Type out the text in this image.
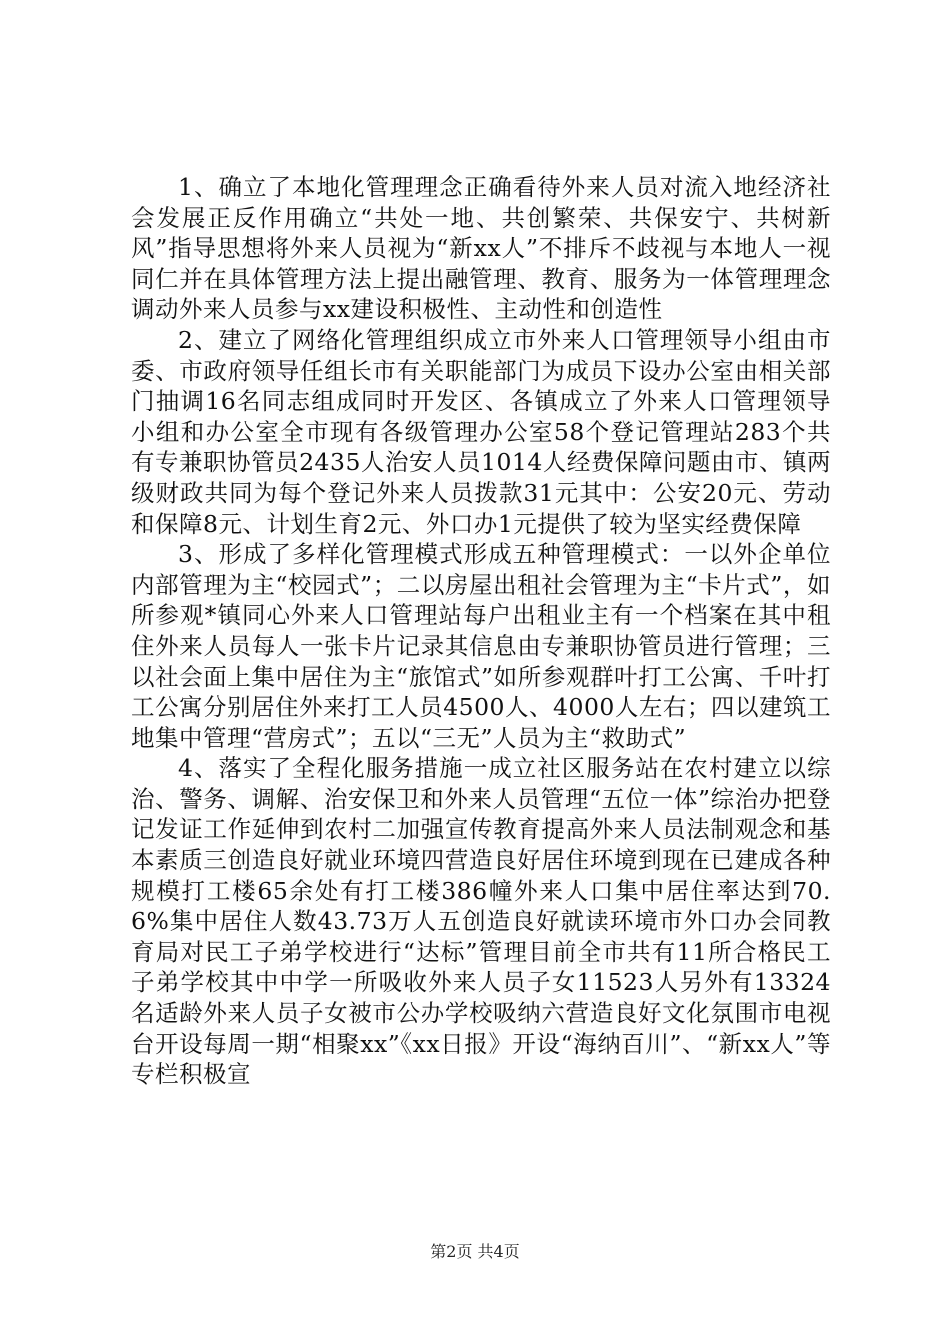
1、确立了本地化管理理念正确看待外来人员对流入地经济社会发展正反作用确立“共处一地、共创繁荣、共保安宁、共树新风”指导思想将外来人员视为“新xx人”不排斥不歧视与本地人一视同仁并在具体管理方法上提出融管理、教育、服务为一体管理理念调动外来人员参与xx建设积极性、主动性和创造性

2、建立了网络化管理组织成立市外来人口管理领导小组由市委、市政府领导任组长市有关职能部门为成员下设办公室由相关部门抽调16名同志组成同时开发区、各镇成立了外来人口管理领导小组和办公室全市现有各级管理办公室58个登记管理站283个共有专兼职协管员2435人治安人员1014人经费保障问题由市、镇两级财政共同为每个登记外来人员拨款31元其中：公安20元、劳动和保障8元、计划生育2元、外口办1元提供了较为坚实经费保障

3、形成了多样化管理模式形成五种管理模式：一以外企单位内部管理为主“校园式”；二以房屋出租社会管理为主“卡片式”，如所参观*镇同心外来人口管理站每户出租业主有一个档案在其中租住外来人员每人一张卡片记录其信息由专兼职协管员进行管理；三以社会面上集中居住为主“旅馆式”如所参观群叶打工公寓、千叶打工公寓分别居住外来打工人员4500人、4000人左右；四以建筑工地集中管理“营房式”；五以“三无”人员为主“救助式”

4、落实了全程化服务措施一成立社区服务站在农村建立以综治、警务、调解、治安保卫和外来人员管理“五位一体”综治办把登记发证工作延伸到农村二加强宣传教育提高外来人员法制观念和基本素质三创造良好就业环境四营造良好居住环境到现在已建成各种规模打工楼65余处有打工楼386幢外来人口集中居住率达到70.6%集中居住人数43.73万人五创造良好就读环境市外口办会同教育局对民工子弟学校进行“达标”管理目前全市共有11所合格民工子弟学校其中中学一所吸收外来人员子女11523人另外有13324名适龄外来人员子女被市公办学校吸纳六营造良好文化氛围市电视台开设每周一期“相聚xx”《xx日报》开设“海纳百川”、“新xx人”等专栏积极宣

第2页 共4页
